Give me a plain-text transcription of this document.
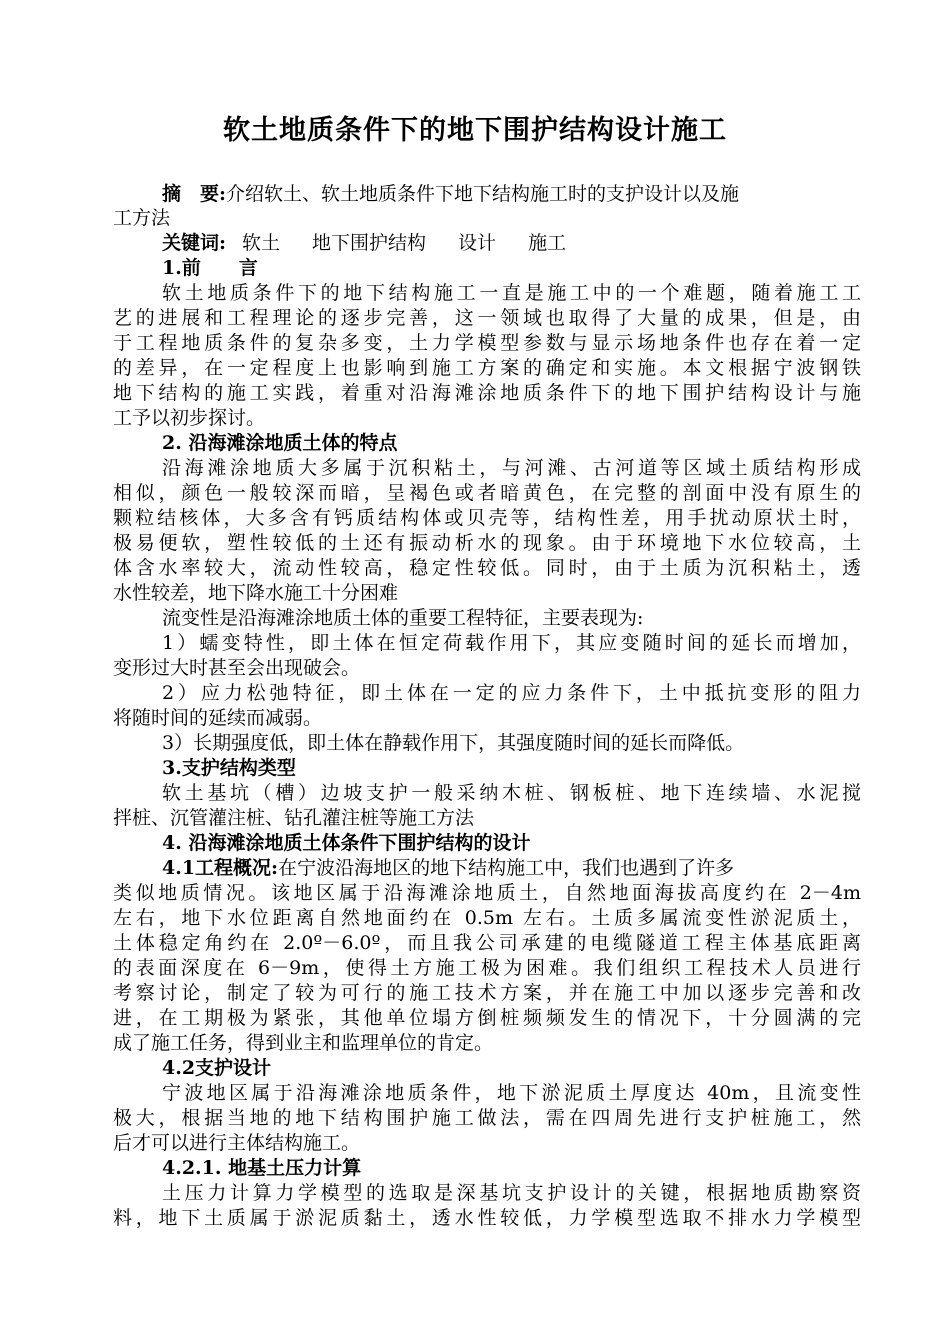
软土地质条件下的地下围护结构设计施工
摘　要:介绍软土、软土地质条件下地下结构施工时的支护设计以及施
工方法
关键词: 软土 地下围护结构 设计 施工
1.前　　言
软土地质条件下的地下结构施工一直是施工中的一个难题，随着施工工
艺的进展和工程理论的逐步完善，这一领域也取得了大量的成果，但是，由
于工程地质条件的复杂多变，土力学模型参数与显示场地条件也存在着一定
的差异，在一定程度上也影响到施工方案的确定和实施。本文根据宁波钢铁
地下结构的施工实践，着重对沿海滩涂地质条件下的地下围护结构设计与施
工予以初步探讨。
2. 沿海滩涂地质土体的特点
沿海滩涂地质大多属于沉积粘土，与河滩、古河道等区域土质结构形成
相似，颜色一般较深而暗，呈褐色或者暗黄色，在完整的剖面中没有原生的
颗粒结核体，大多含有钙质结构体或贝壳等，结构性差，用手扰动原状土时，
极易便软，塑性较低的土还有振动析水的现象。由于环境地下水位较高，土
体含水率较大，流动性较高，稳定性较低。同时，由于土质为沉积粘土，透
水性较差，地下降水施工十分困难
流变性是沿海滩涂地质土体的重要工程特征，主要表现为:
1）蠕变特性，即土体在恒定荷载作用下，其应变随时间的延长而增加，
变形过大时甚至会出现破会。
2）应力松弛特征，即土体在一定的应力条件下，土中抵抗变形的阻力
将随时间的延续而减弱。
3）长期强度低，即土体在静载作用下，其强度随时间的延长而降低。
3.支护结构类型
软土基坑（槽）边坡支护一般采纳木桩、钢板桩、地下连续墙、水泥搅
拌桩、沉管灌注桩、钻孔灌注桩等施工方法
4. 沿海滩涂地质土体条件下围护结构的设计
4.1工程概况:在宁波沿海地区的地下结构施工中，我们也遇到了许多
类似地质情况。该地区属于沿海滩涂地质土，自然地面海拔高度约在 2－4m
左右，地下水位距离自然地面约在 0.5m 左右。土质多属流变性淤泥质土，
土体稳定角约在 2.0º－6.0º，而且我公司承建的电缆隧道工程主体基底距离
的表面深度在 6－9m，使得土方施工极为困难。我们组织工程技术人员进行
考察讨论，制定了较为可行的施工技术方案，并在施工中加以逐步完善和改
进，在工期极为紧张，其他单位塌方倒桩频频发生的情况下，十分圆满的完
成了施工任务，得到业主和监理单位的肯定。
4.2支护设计
宁波地区属于沿海滩涂地质条件，地下淤泥质土厚度达 40m，且流变性
极大，根据当地的地下结构围护施工做法，需在四周先进行支护桩施工，然
后才可以进行主体结构施工。
4.2.1. 地基土压力计算
土压力计算力学模型的选取是深基坑支护设计的关键，根据地质勘察资
料，地下土质属于淤泥质黏土，透水性较低，力学模型选取不排水力学模型
